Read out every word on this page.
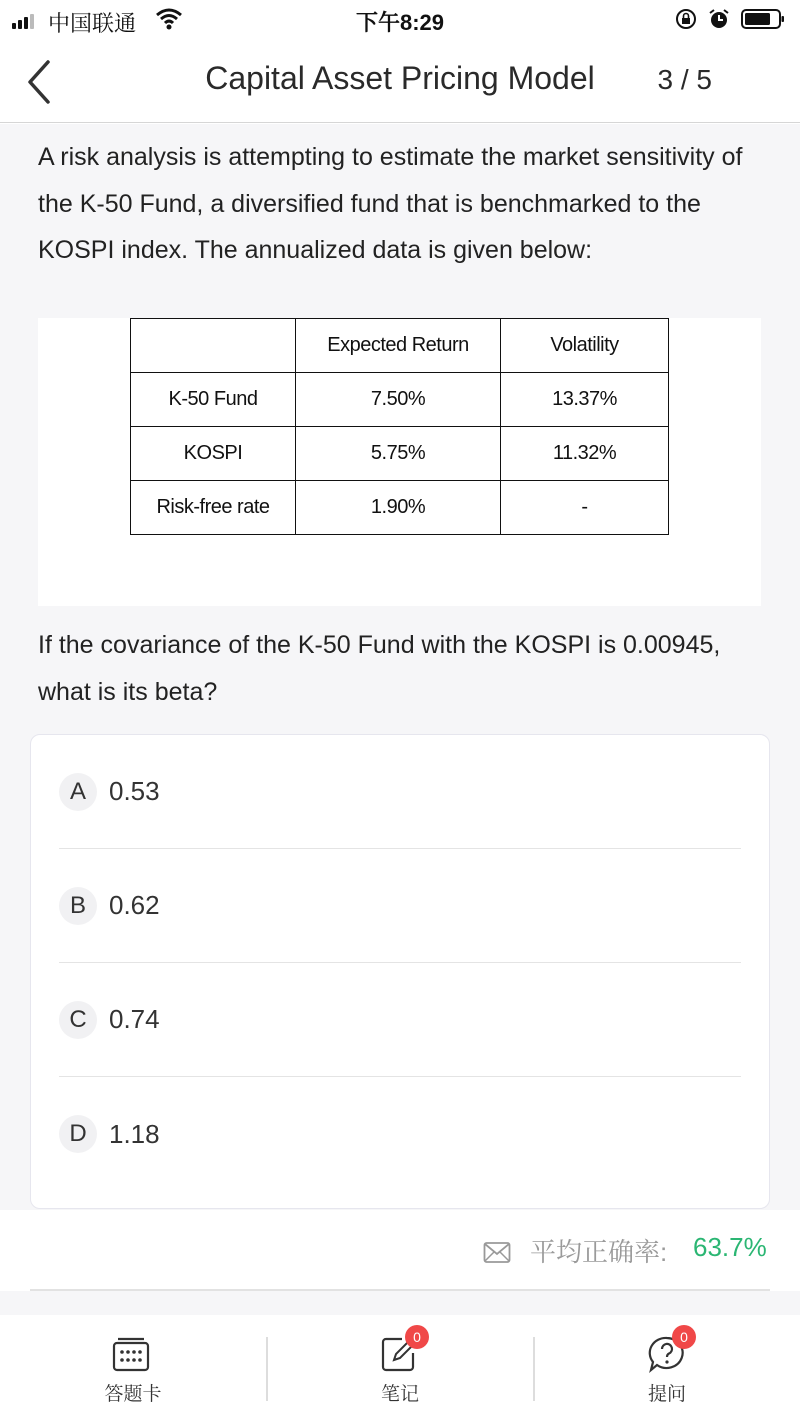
中国联通	下午8:29
Capital Asset Pricing Model	3 / 5
A risk analysis is attempting to estimate the market sensitivity of the K-50 Fund, a diversified fund that is benchmarked to the KOSPI index. The annualized data is given below:
	Expected Return	Volatility
K-50 Fund	7.50%	13.37%
KOSPI	5.75%	11.32%
Risk-free rate	1.90%	-
If the covariance of the K-50 Fund with the KOSPI is 0.00945, what is its beta?
A 0.53
B 0.62
C 0.74
D 1.18
平均正确率: 63.7%
答题卡
0
笔记
0
提问
